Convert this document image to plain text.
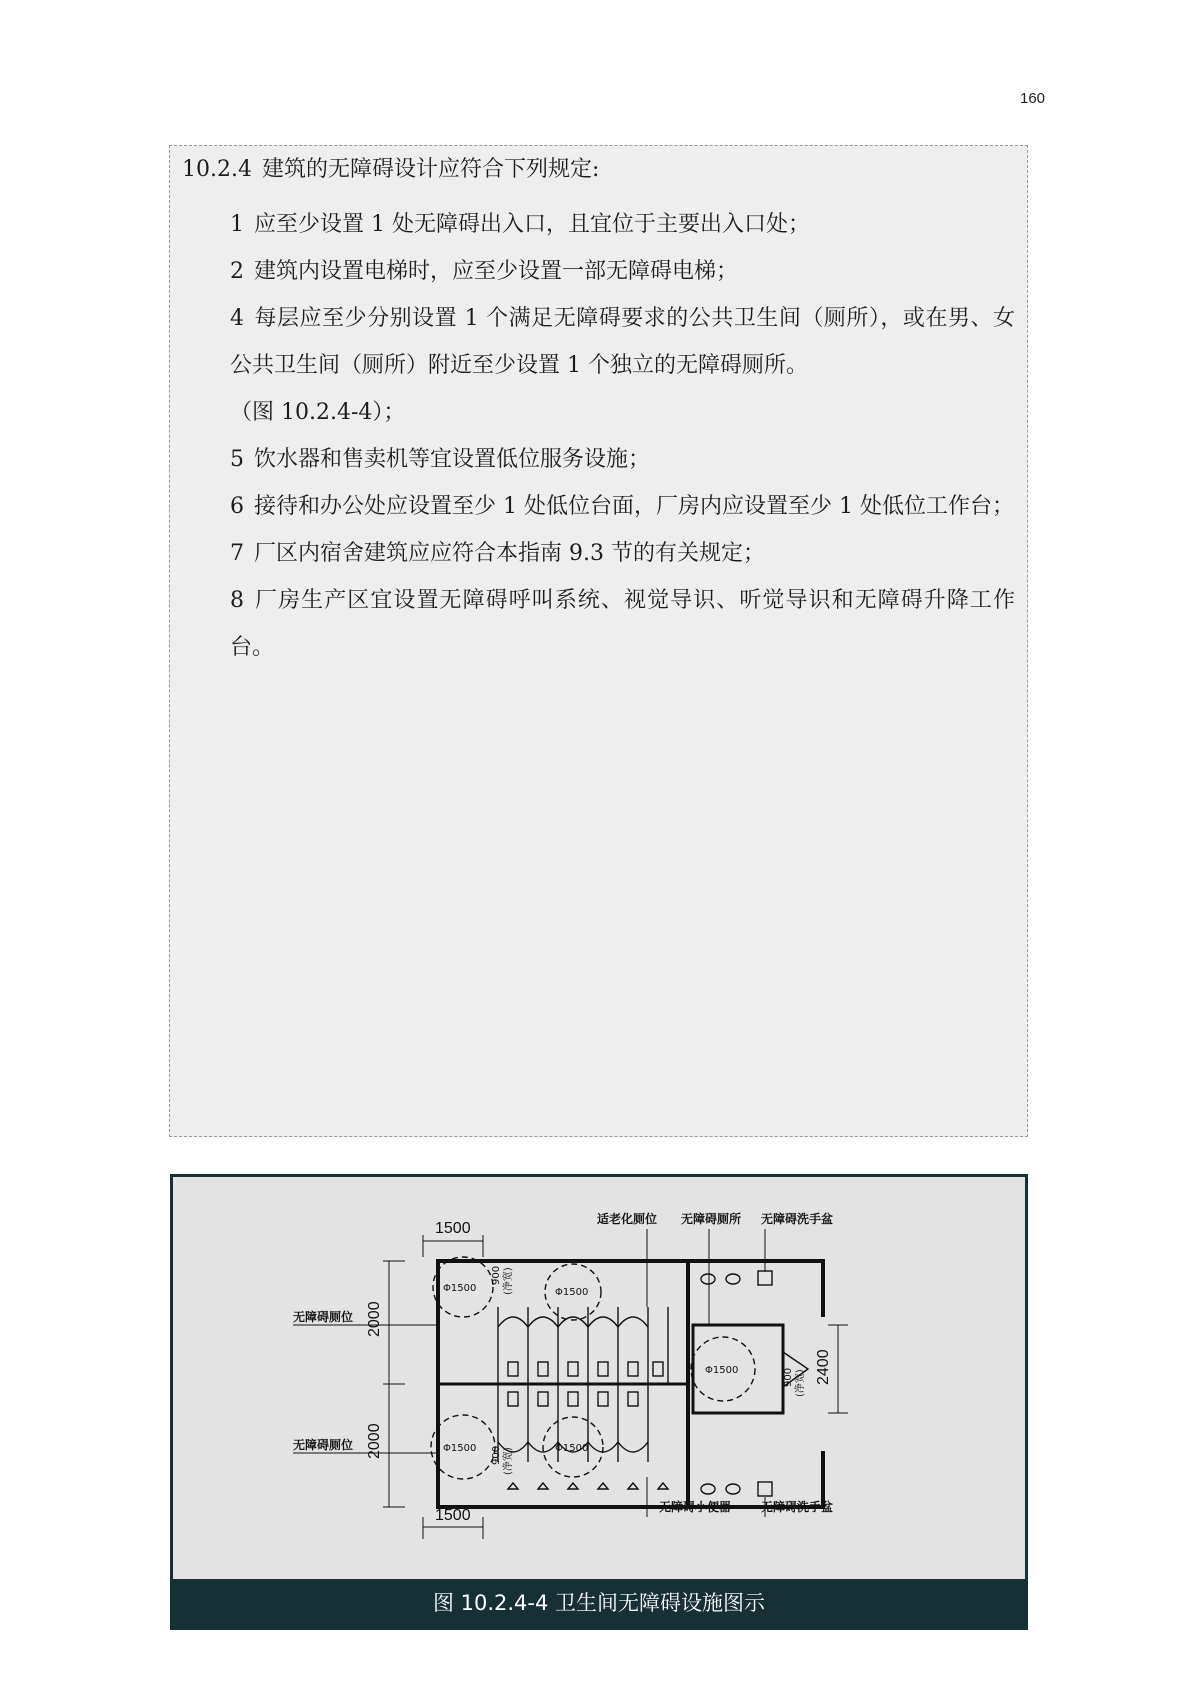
160
10.2.4 建筑的无障碍设计应符合下列规定:

1 应至少设置 1 处无障碍出入口，且宜位于主要出入口处；

2 建筑内设置电梯时，应至少设置一部无障碍电梯；

4 每层应至少分别设置 1 个满足无障碍要求的公共卫生间（厕所），或在男、女公共卫生间（厕所）附近至少设置 1 个独立的无障碍厕所。

（图 10.2.4-4）；

5 饮水器和售卖机等宜设置低位服务设施；

6 接待和办公处应设置至少 1 处低位台面，厂房内应设置至少 1 处低位工作台；

7 厂区内宿舍建筑应应符合本指南 9.3 节的有关规定；

8 厂房生产区宜设置无障碍呼叫系统、视觉导识、听觉导识和无障碍升降工作台。

1500
1500
2000
2000
2400
900 (净宽)
900 (净宽)
900 (净宽)
Φ1500	Φ1500
Φ1500
Φ1500	Φ1500
适老化厕位 无障碍厕所 无障碍洗手盆
无障碍厕位
无障碍厕位
无障碍小便器 无障碍洗手盆
图 10.2.4-4 卫生间无障碍设施图示
